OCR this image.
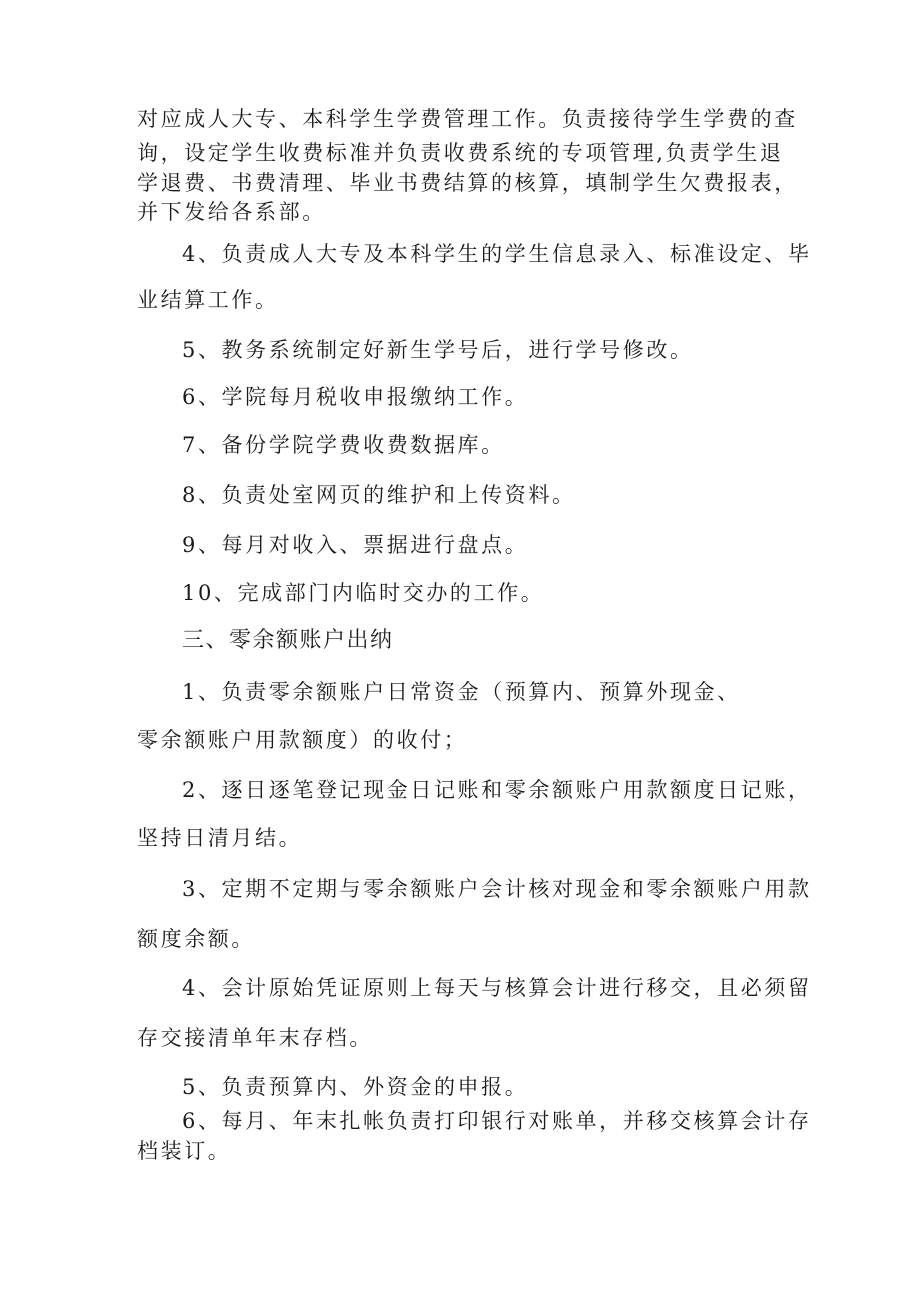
对应成人大专、本科学生学费管理工作。负责接待学生学费的查
询，设定学生收费标准并负责收费系统的专项管理,负责学生退
学退费、书费清理、毕业书费结算的核算，填制学生欠费报表，
并下发给各系部。
4、负责成人大专及本科学生的学生信息录入、标准设定、毕
业结算工作。
5、教务系统制定好新生学号后，进行学号修改。
6、学院每月税收申报缴纳工作。
7、备份学院学费收费数据库。
8、负责处室网页的维护和上传资料。
9、每月对收入、票据进行盘点。
10、完成部门内临时交办的工作。
三、零余额账户出纳
1、负责零余额账户日常资金（预算内、预算外现金、
零余额账户用款额度）的收付；
2、逐日逐笔登记现金日记账和零余额账户用款额度日记账，
坚持日清月结。
3、定期不定期与零余额账户会计核对现金和零余额账户用款
额度余额。
4、会计原始凭证原则上每天与核算会计进行移交，且必须留
存交接清单年末存档。
5、负责预算内、外资金的申报。
6、每月、年末扎帐负责打印银行对账单，并移交核算会计存
档装订。
